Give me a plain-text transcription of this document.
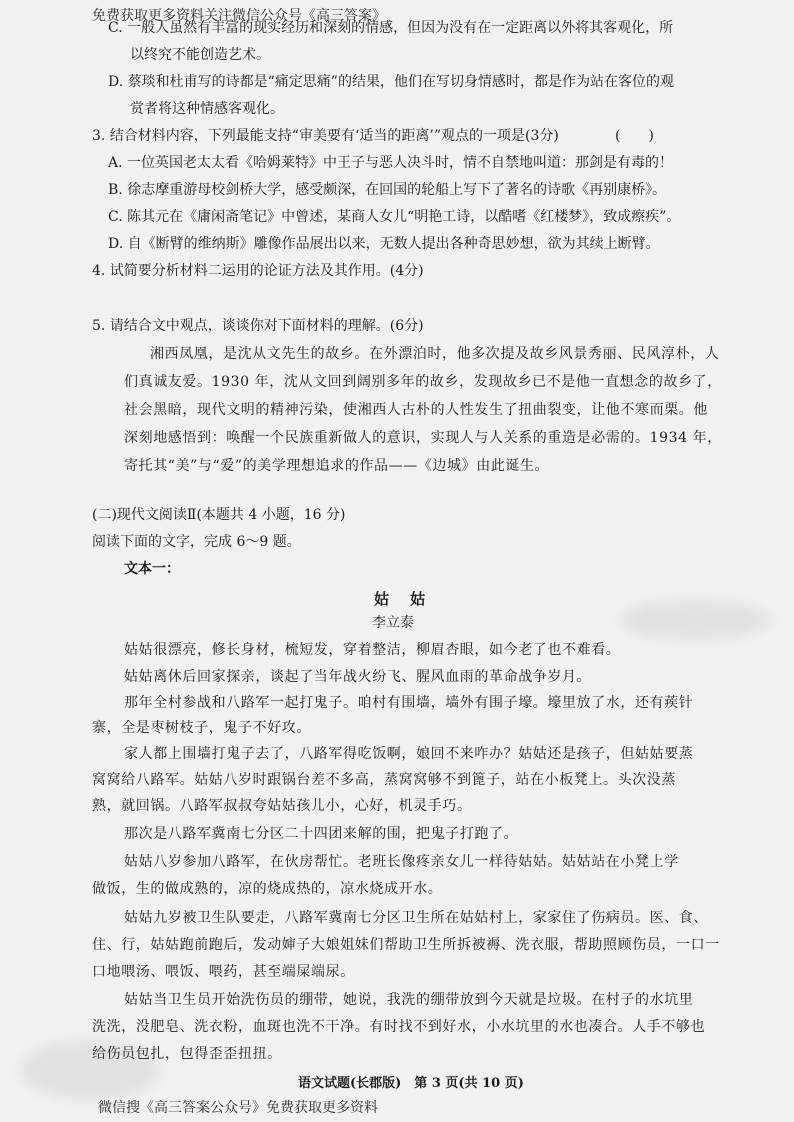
免费获取更多资料关注微信公众号《高三答案》
C. 一般人虽然有丰富的现实经历和深刻的情感，但因为没有在一定距离以外将其客观化，所
以终究不能创造艺术。
D. 蔡琰和杜甫写的诗都是“痛定思痛”的结果，他们在写切身情感时，都是作为站在客位的观
赏者将这种情感客观化。
3. 结合材料内容，下列最能支持“审美要有‘适当的距离’”观点的一项是(3分)	(　　)
A. 一位英国老太太看《哈姆莱特》中王子与恶人决斗时，情不自禁地叫道：那剑是有毒的！
B. 徐志摩重游母校剑桥大学，感受颇深，在回国的轮船上写下了著名的诗歌《再别康桥》。
C. 陈其元在《庸闲斋笔记》中曾述，某商人女儿“明艳工诗，以酷嗜《红楼梦》，致成瘵疾”。
D. 自《断臂的维纳斯》雕像作品展出以来，无数人提出各种奇思妙想，欲为其续上断臂。
4. 试简要分析材料二运用的论证方法及其作用。(4分)
5. 请结合文中观点，谈谈你对下面材料的理解。(6分)
湘西凤凰，是沈从文先生的故乡。在外漂泊时，他多次提及故乡风景秀丽、民风淳朴，人
们真诚友爱。1930 年，沈从文回到阔别多年的故乡，发现故乡已不是他一直想念的故乡了，
社会黑暗，现代文明的精神污染，使湘西人古朴的人性发生了扭曲裂变，让他不寒而栗。他
深刻地感悟到：唤醒一个民族重新做人的意识，实现人与人关系的重造是必需的。1934 年，
寄托其“美”与“爱”的美学理想追求的作品——《边城》由此诞生。
(二)现代文阅读Ⅱ(本题共 4 小题，16 分)
阅读下面的文字，完成 6～9 题。
文本一：
姑 姑
李立泰
姑姑很漂亮，修长身材，梳短发，穿着整洁，柳眉杏眼，如今老了也不难看。
姑姑离休后回家探亲，谈起了当年战火纷飞、腥风血雨的革命战争岁月。
那年全村参战和八路军一起打鬼子。咱村有围墙，墙外有围子壕。壕里放了水，还有蒺针
寨，全是枣树枝子，鬼子不好攻。
家人都上围墙打鬼子去了，八路军得吃饭啊，娘回不来咋办？姑姑还是孩子，但姑姑要蒸
窝窝给八路军。姑姑八岁时跟锅台差不多高，蒸窝窝够不到篦子，站在小板凳上。头次没蒸
熟，就回锅。八路军叔叔夸姑姑孩儿小，心好，机灵手巧。
那次是八路军冀南七分区二十四团来解的围，把鬼子打跑了。
姑姑八岁参加八路军，在伙房帮忙。老班长像疼亲女儿一样待姑姑。姑姑站在小凳上学
做饭，生的做成熟的，凉的烧成热的，凉水烧成开水。
姑姑九岁被卫生队要走，八路军冀南七分区卫生所在姑姑村上，家家住了伤病员。医、食、
住、行，姑姑跑前跑后，发动婶子大娘姐妹们帮助卫生所拆被褥、洗衣服，帮助照顾伤员，一口一
口地喂汤、喂饭、喂药，甚至端屎端尿。
姑姑当卫生员开始洗伤员的绷带，她说，我洗的绷带放到今天就是垃圾。在村子的水坑里
洗洗，没肥皂、洗衣粉，血斑也洗不干净。有时找不到好水，小水坑里的水也凑合。人手不够也
给伤员包扎，包得歪歪扭扭。
语文试题(长郡版)　第 3 页(共 10 页)
微信搜《高三答案公众号》免费获取更多资料
